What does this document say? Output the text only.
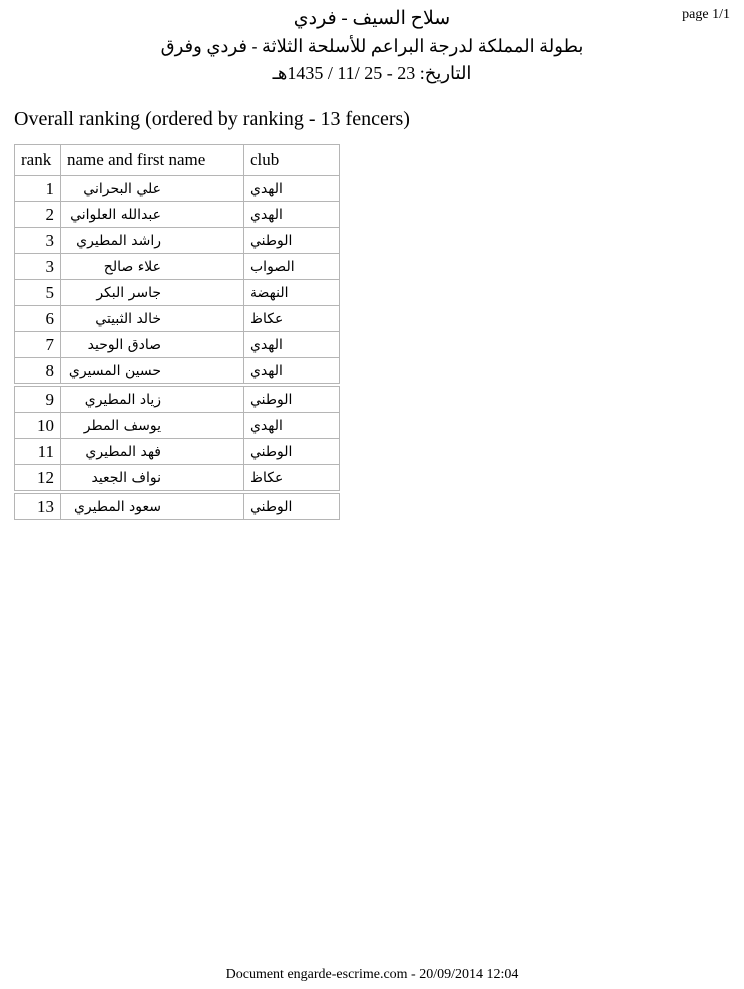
page 1/1
سلاح السيف - فردي
بطولة المملكة لدرجة البراعم للأسلحة الثلاثة - فردي وفرق
التاريخ: 23 - 25 /11 / 1435هـ
Overall ranking (ordered by ranking - 13 fencers)
rank	name and first name	club
1	علي البحراني	الهدي
2	عبدالله العلواني	الهدي
3	راشد المطيري	الوطني
3	علاء صالح	الصواب
5	جاسر البكر	النهضة
6	خالد الثبيتي	عكاظ
7	صادق الوحيد	الهدي
8	حسين المسيري	الهدي
9	زياد المطيري	الوطني
10	يوسف المطر	الهدي
11	فهد المطيري	الوطني
12	نواف الجعيد	عكاظ
13	سعود المطيري	الوطني
Document engarde-escrime.com - 20/09/2014 12:04
